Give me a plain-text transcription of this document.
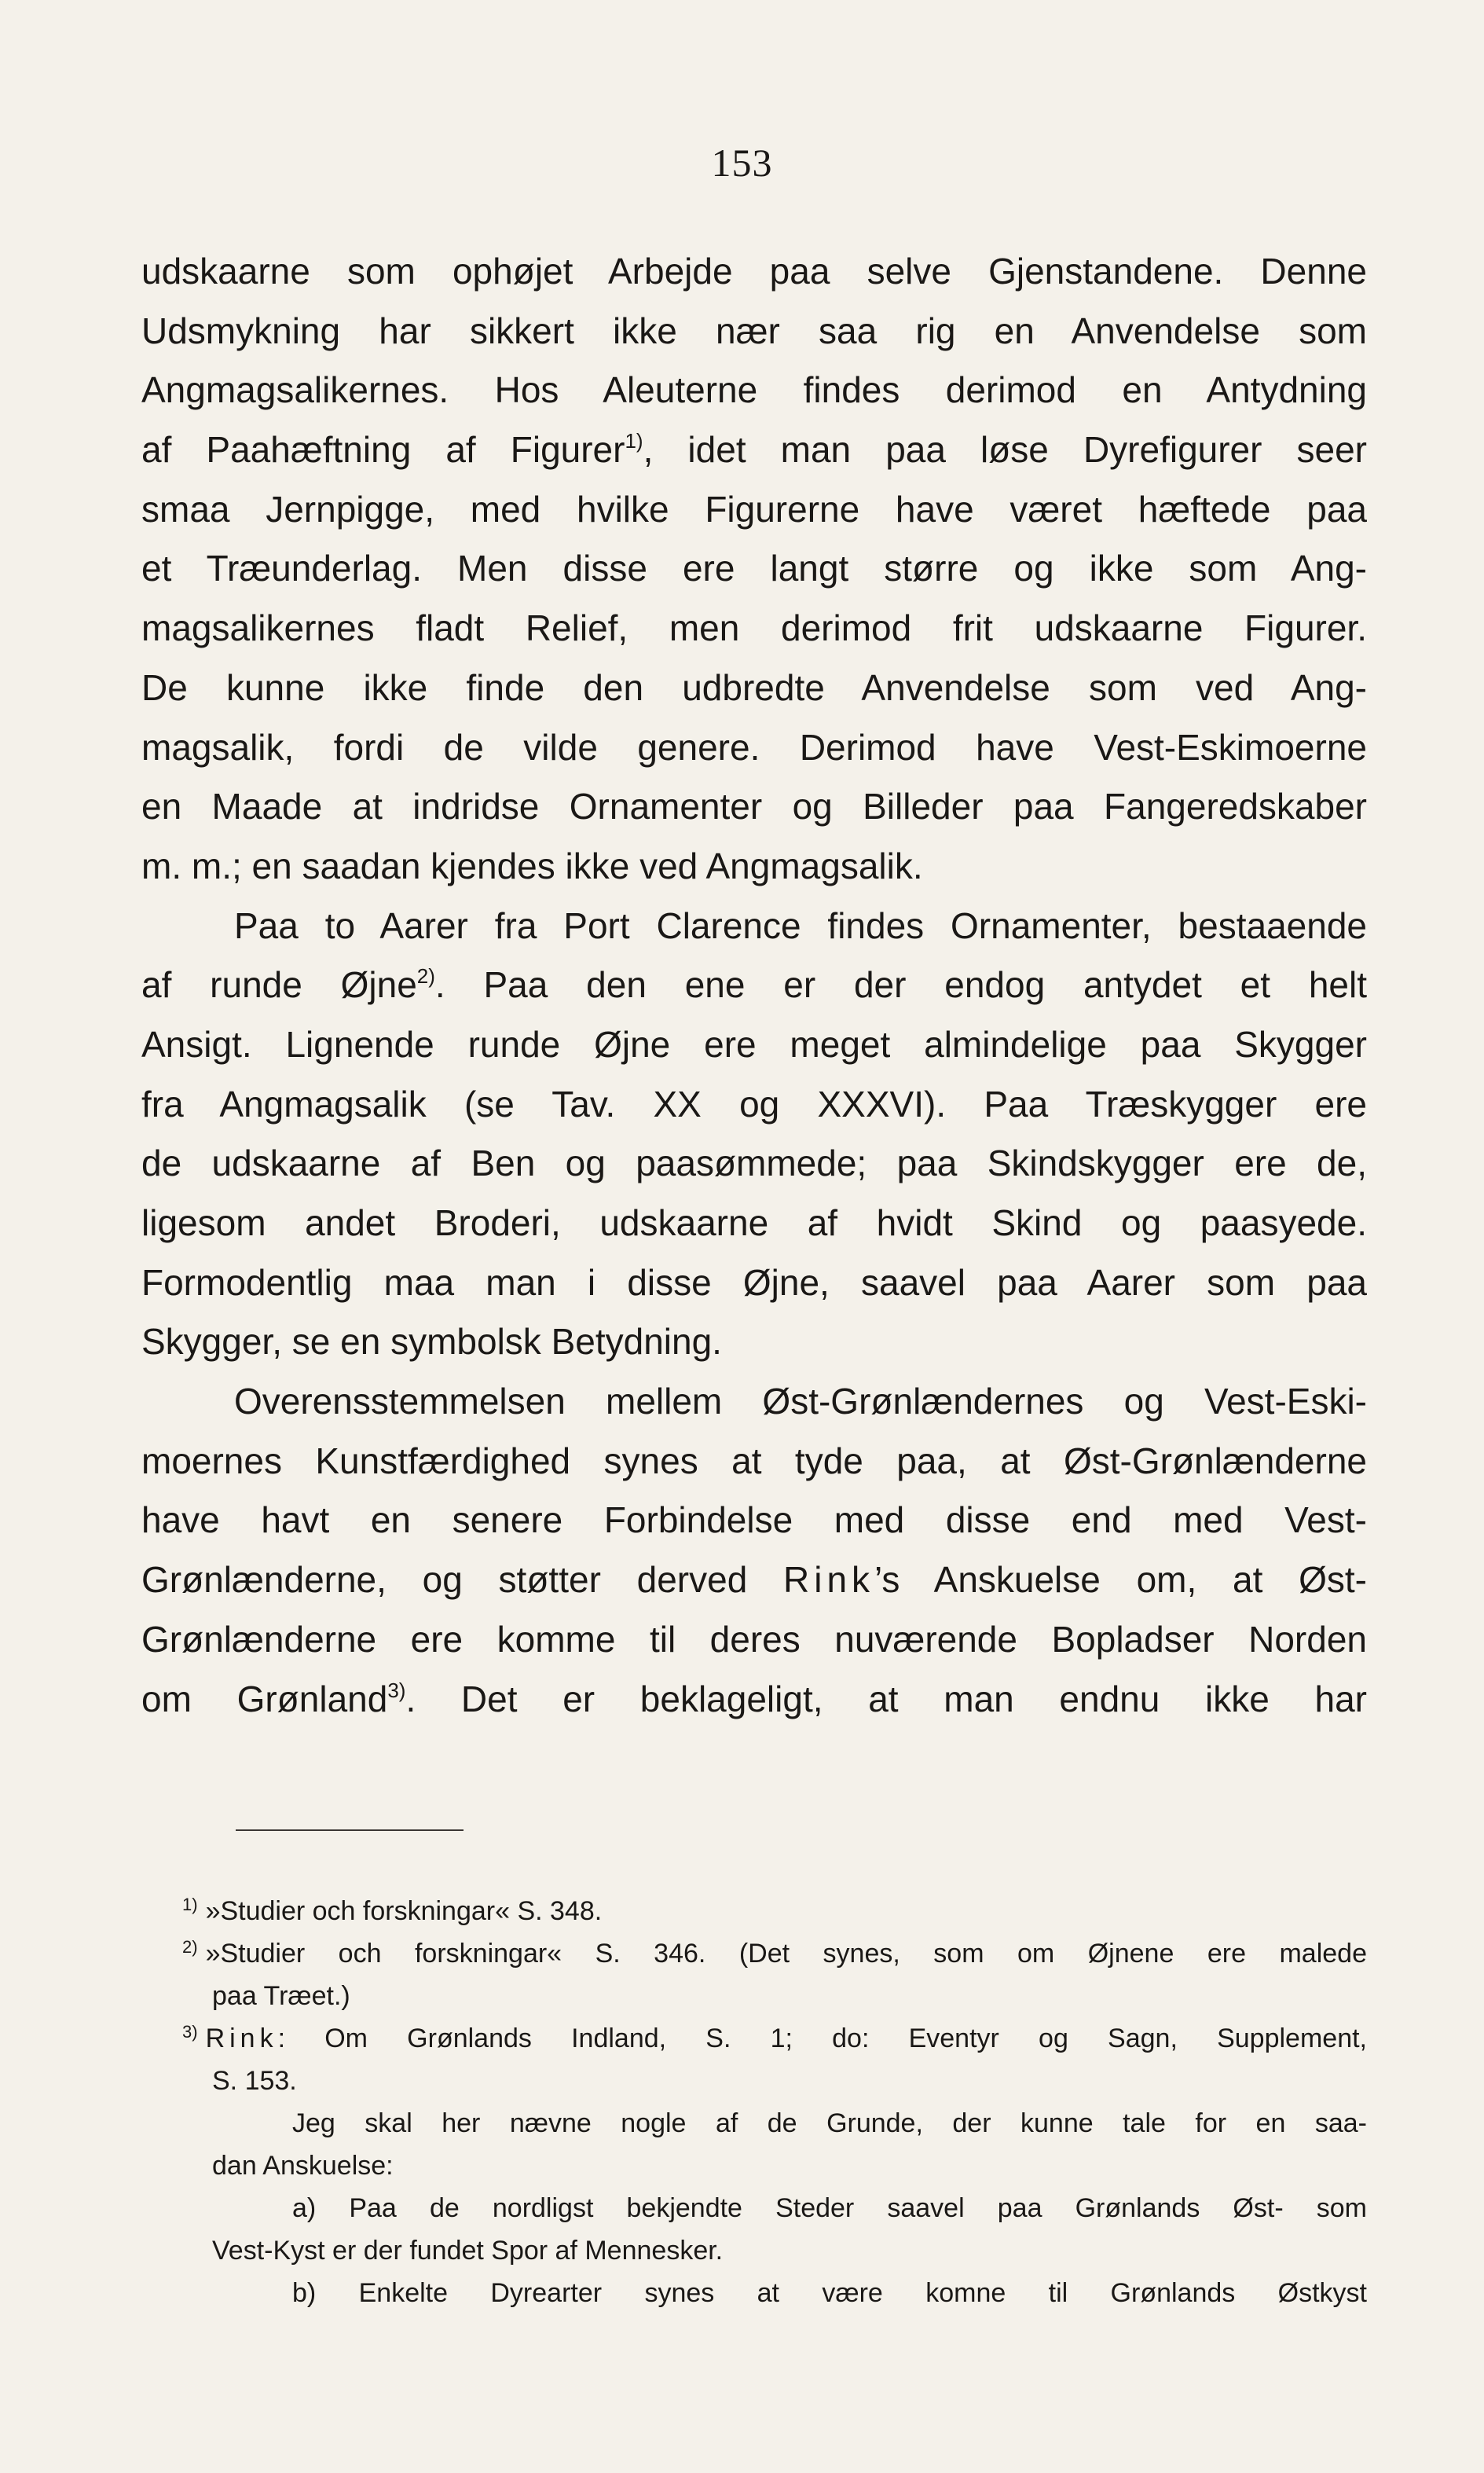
153
udskaarne som ophøjet Arbejde paa selve Gjenstandene. Denne
Udsmykning har sikkert ikke nær saa rig en Anvendelse som
Angmagsalikernes. Hos Aleuterne findes derimod en Antydning
af Paahæftning af Figurer$^{1)}$, idet man paa løse Dyrefigurer seer
smaa Jernpigge, med hvilke Figurerne have været hæftede paa
et Træunderlag. Men disse ere langt større og ikke som Ang-
magsalikernes fladt Relief, men derimod frit udskaarne Figurer.
De kunne ikke finde den udbredte Anvendelse som ved Ang-
magsalik, fordi de vilde genere. Derimod have Vest-Eskimoerne
en Maade at indridse Ornamenter og Billeder paa Fangeredskaber
m. m.; en saadan kjendes ikke ved Angmagsalik.
Paa to Aarer fra Port Clarence findes Ornamenter, bestaaende
af runde Øjne$^{2)}$. Paa den ene er der endog antydet et helt
Ansigt. Lignende runde Øjne ere meget almindelige paa Skygger
fra Angmagsalik (se Tav. XX og XXXVI). Paa Træskygger ere
de udskaarne af Ben og paasømmede; paa Skindskygger ere de,
ligesom andet Broderi, udskaarne af hvidt Skind og paasyede.
Formodentlig maa man i disse Øjne, saavel paa Aarer som paa
Skygger, se en symbolsk Betydning.
Overensstemmelsen mellem Øst-Grønlændernes og Vest-Eski-
moernes Kunstfærdighed synes at tyde paa, at Øst-Grønlænderne
have havt en senere Forbindelse med disse end med Vest-
Grønlænderne, og støtter derved Rink’s Anskuelse om, at Øst-
Grønlænderne ere komme til deres nuværende Bopladser Norden
om Grønland$^{3)}$. Det er beklageligt, at man endnu ikke har
$^{1)}$ »Studier och forskningar« S. 348.
$^{2)}$ »Studier och forskningar« S. 346. (Det synes, som om Øjnene ere malede
paa Træet.)
$^{3)}$ Rink: Om Grønlands Indland, S. 1; do: Eventyr og Sagn, Supplement,
S. 153.
Jeg skal her nævne nogle af de Grunde, der kunne tale for en saa-
dan Anskuelse:
a) Paa de nordligst bekjendte Steder saavel paa Grønlands Øst- som
Vest-Kyst er der fundet Spor af Mennesker.
b) Enkelte Dyrearter synes at være komne til Grønlands Østkyst
